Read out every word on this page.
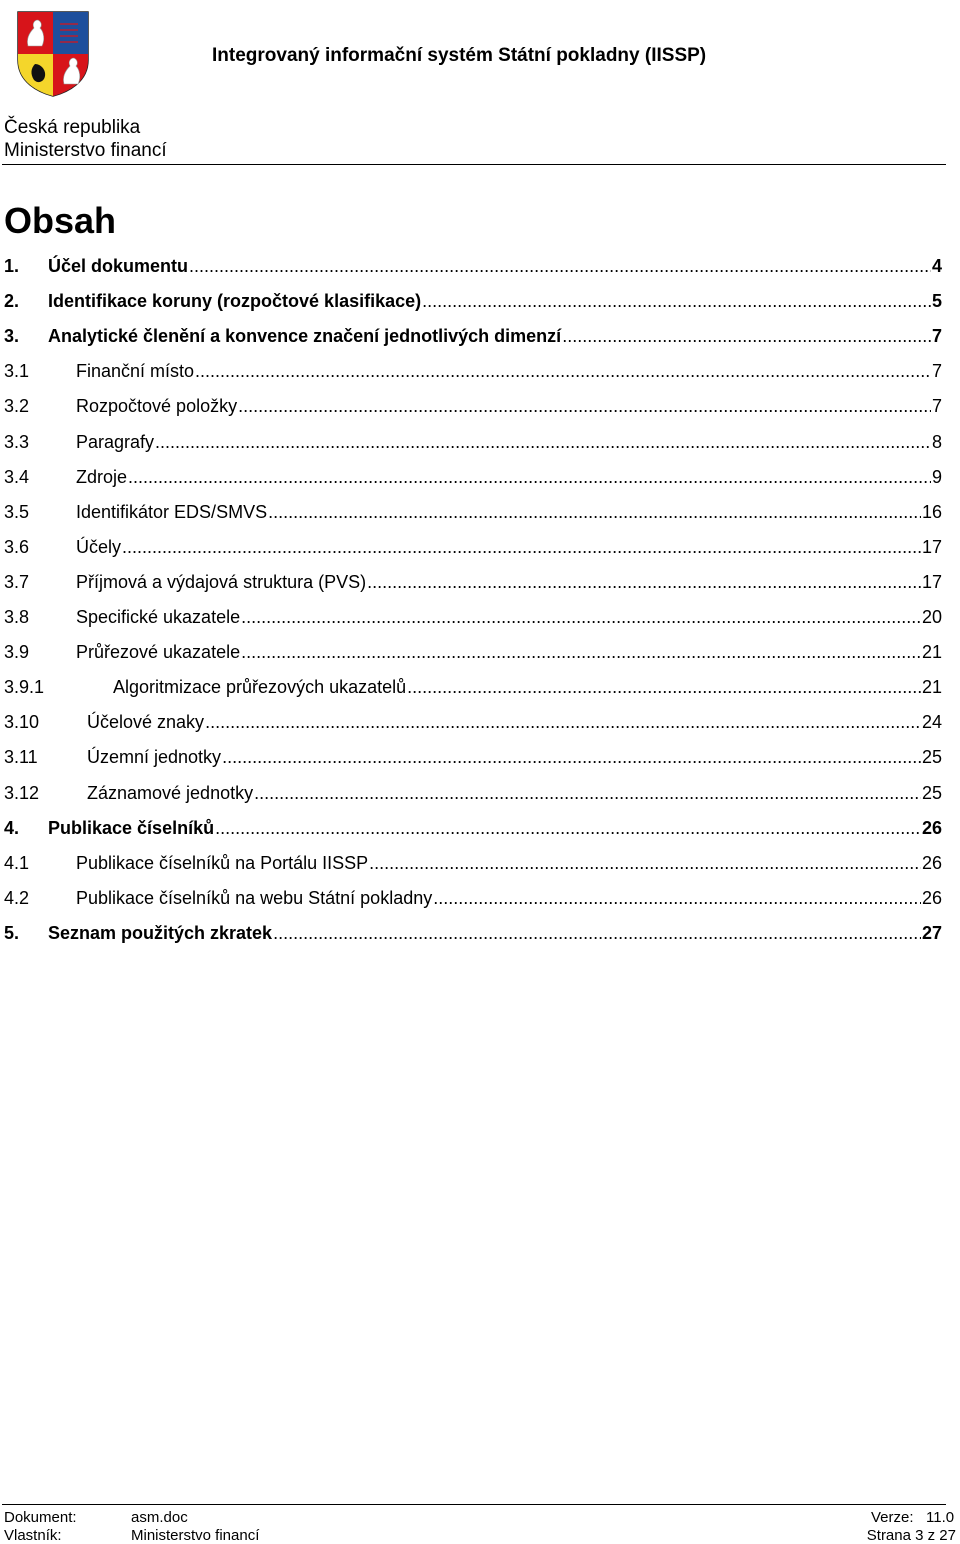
Integrovaný informační systém Státní pokladny (IISSP)
Česká republika
Ministerstvo financí
Obsah
1.	Účel dokumentu .....	4
2.	Identifikace koruny (rozpočtové klasifikace) .....	5
3.	Analytické členění a konvence značení jednotlivých dimenzí .....	7
3.1	Finanční místo .....	7
3.2	Rozpočtové položky .....	7
3.3	Paragrafy .....	8
3.4	Zdroje .....	9
3.5	Identifikátor EDS/SMVS .....	16
3.6	Účely .....	17
3.7	Příjmová a výdajová struktura (PVS) .....	17
3.8	Specifické ukazatele .....	20
3.9	Průřezové ukazatele .....	21
3.9.1	Algoritmizace průřezových ukazatelů .....	21
3.10	Účelové znaky .....	24
3.11	Územní jednotky .....	25
3.12	Záznamové jednotky .....	25
4.	Publikace číselníků .....	26
4.1	Publikace číselníků na Portálu IISSP .....	26
4.2	Publikace číselníků na webu Státní pokladny .....	26
5.	Seznam použitých zkratek .....	27
Dokument:	asm.doc
Vlastník:	Ministerstvo financí
Verze: 11.0
Strana 3 z 27
